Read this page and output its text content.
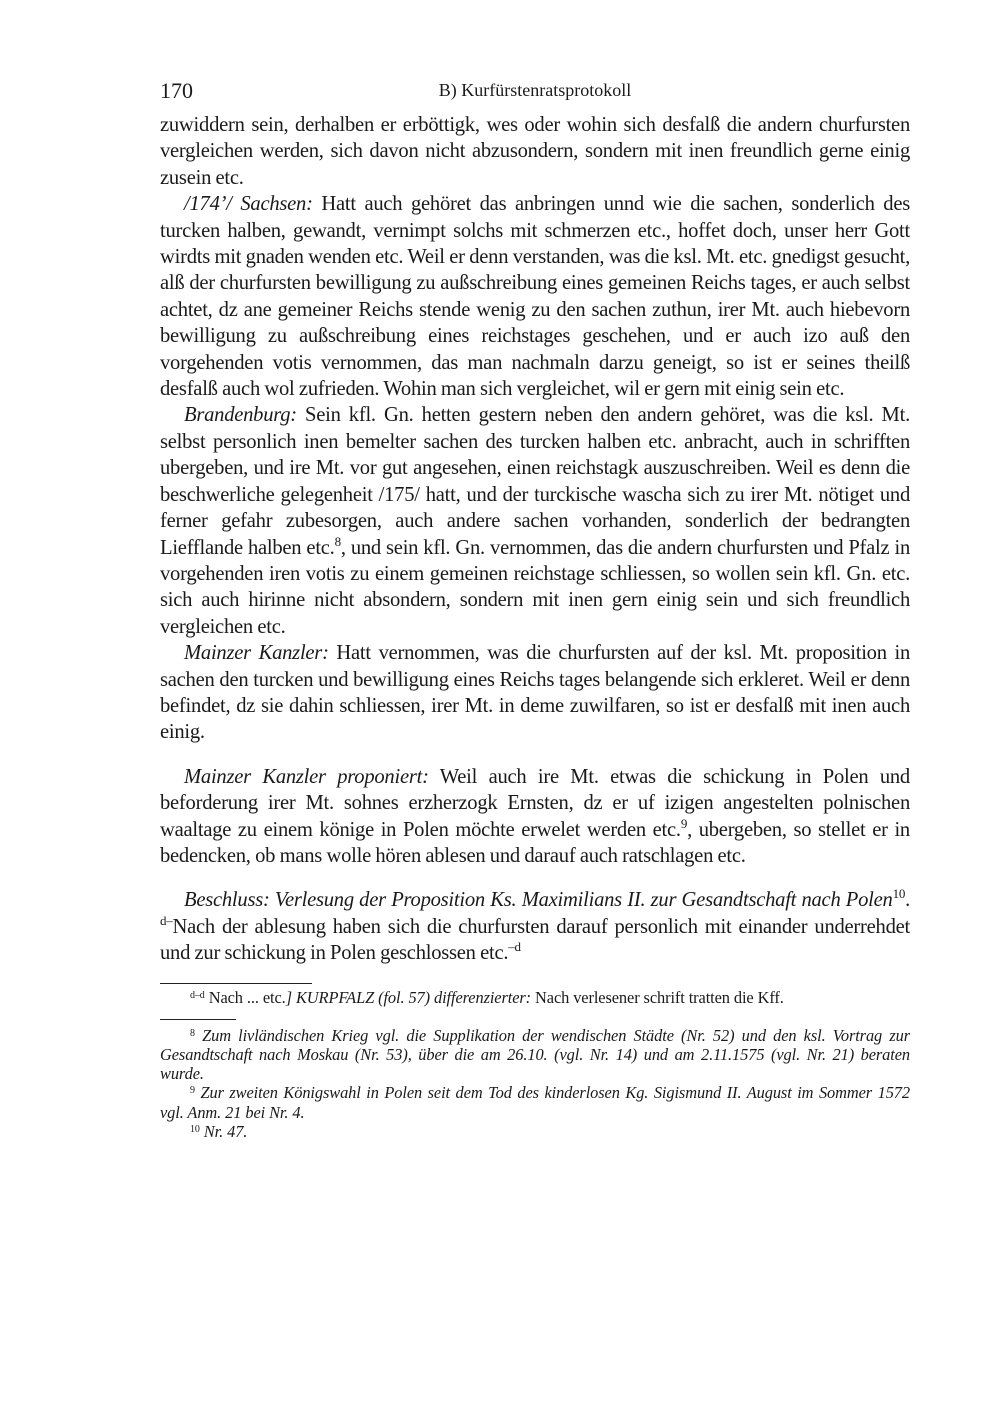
170	B) Kurfürstenratsprotokoll

zuwiddern sein, derhalben er erböttigk, wes oder wohin sich desfalß die andern churfursten vergleichen werden, sich davon nicht abzusondern, sondern mit inen freundlich gerne einig zusein etc.

/174’/ Sachsen: Hatt auch gehöret das anbringen unnd wie die sachen, sonderlich des turcken halben, gewandt, vernimpt solchs mit schmerzen etc., hoffet doch, unser herr Gott wirdts mit gnaden wenden etc. Weil er denn verstanden, was die ksl. Mt. etc. gnedigst gesucht, alß der churfursten bewilligung zu außschreibung eines gemeinen Reichs tages, er auch selbst achtet, dz ane gemeiner Reichs stende wenig zu den sachen zuthun, irer Mt. auch hiebevorn bewilligung zu außschreibung eines reichstages geschehen, und er auch izo auß den vorgehenden votis vernommen, das man nachmaln darzu geneigt, so ist er seines theilß desfalß auch wol zufrieden. Wohin man sich vergleichet, wil er gern mit einig sein etc.

Brandenburg: Sein kfl. Gn. hetten gestern neben den andern gehöret, was die ksl. Mt. selbst personlich inen bemelter sachen des turcken halben etc. anbracht, auch in schrifften ubergeben, und ire Mt. vor gut angesehen, einen reichstagk auszuschreiben. Weil es denn die beschwerliche gelegenheit /175/ hatt, und der turckische wascha sich zu irer Mt. nötiget und ferner gefahr zubesorgen, auch andere sachen vorhanden, sonderlich der bedrangten Liefflande halben etc.$^8$, und sein kfl. Gn. vernommen, das die andern churfursten und Pfalz in vorgehenden iren votis zu einem gemeinen reichstage schliessen, so wollen sein kfl. Gn. etc. sich auch hirinne nicht absondern, sondern mit inen gern einig sein und sich freundlich vergleichen etc.

Mainzer Kanzler: Hatt vernommen, was die churfursten auf der ksl. Mt. proposition in sachen den turcken und bewilligung eines Reichs tages belangende sich erkleret. Weil er denn befindet, dz sie dahin schliessen, irer Mt. in deme zuwilfaren, so ist er desfalß mit inen auch einig.

Mainzer Kanzler proponiert: Weil auch ire Mt. etwas die schickung in Polen und beforderung irer Mt. sohnes erzherzogk Ernsten, dz er uf izigen angestelten polnischen waaltage zu einem könige in Polen möchte erwelet werden etc.$^9$, ubergeben, so stellet er in bedencken, ob mans wolle hören ablesen und darauf auch ratschlagen etc.

Beschluss: Verlesung der Proposition Ks. Maximilians II. zur Gesandtschaft nach Polen$^{10}$. $^{d-}$Nach der ablesung haben sich die churfursten darauf personlich mit einander underrehdet und zur schickung in Polen geschlossen etc.$^{-d}$

$^{d-d}$ Nach ... etc.] KURPFALZ (fol. 57) differenzierter: Nach verlesener schrift tratten die Kff.

$^8$ Zum livländischen Krieg vgl. die Supplikation der wendischen Städte (Nr. 52) und den ksl. Vortrag zur Gesandtschaft nach Moskau (Nr. 53), über die am 26.10. (vgl. Nr. 14) und am 2.11.1575 (vgl. Nr. 21) beraten wurde.

$^9$ Zur zweiten Königswahl in Polen seit dem Tod des kinderlosen Kg. Sigismund II. August im Sommer 1572 vgl. Anm. 21 bei Nr. 4.

$^{10}$ Nr. 47.
